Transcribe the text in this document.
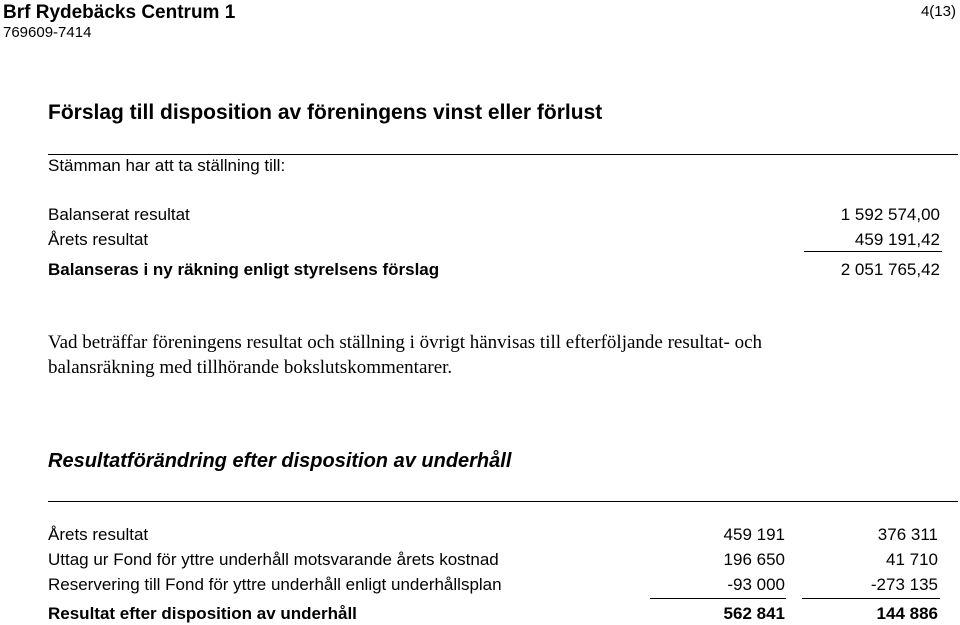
Brf Rydebäcks Centrum 1
769609-7414
4(13)
Förslag till disposition av föreningens vinst eller förlust
Stämman har att ta ställning till:
Balanserat resultat	1 592 574,00
Årets resultat	459 191,42
Balanseras i ny räkning enligt styrelsens förslag	2 051 765,42
Vad beträffar föreningens resultat och ställning i övrigt hänvisas till efterföljande resultat- och
balansräkning med tillhörande bokslutskommentarer.
Resultatförändring efter disposition av underhåll
Årets resultat	459 191	376 311
Uttag ur Fond för yttre underhåll motsvarande årets kostnad	196 650	41 710
Reservering till Fond för yttre underhåll enligt underhållsplan	-93 000	-273 135
Resultat efter disposition av underhåll	562 841	144 886
